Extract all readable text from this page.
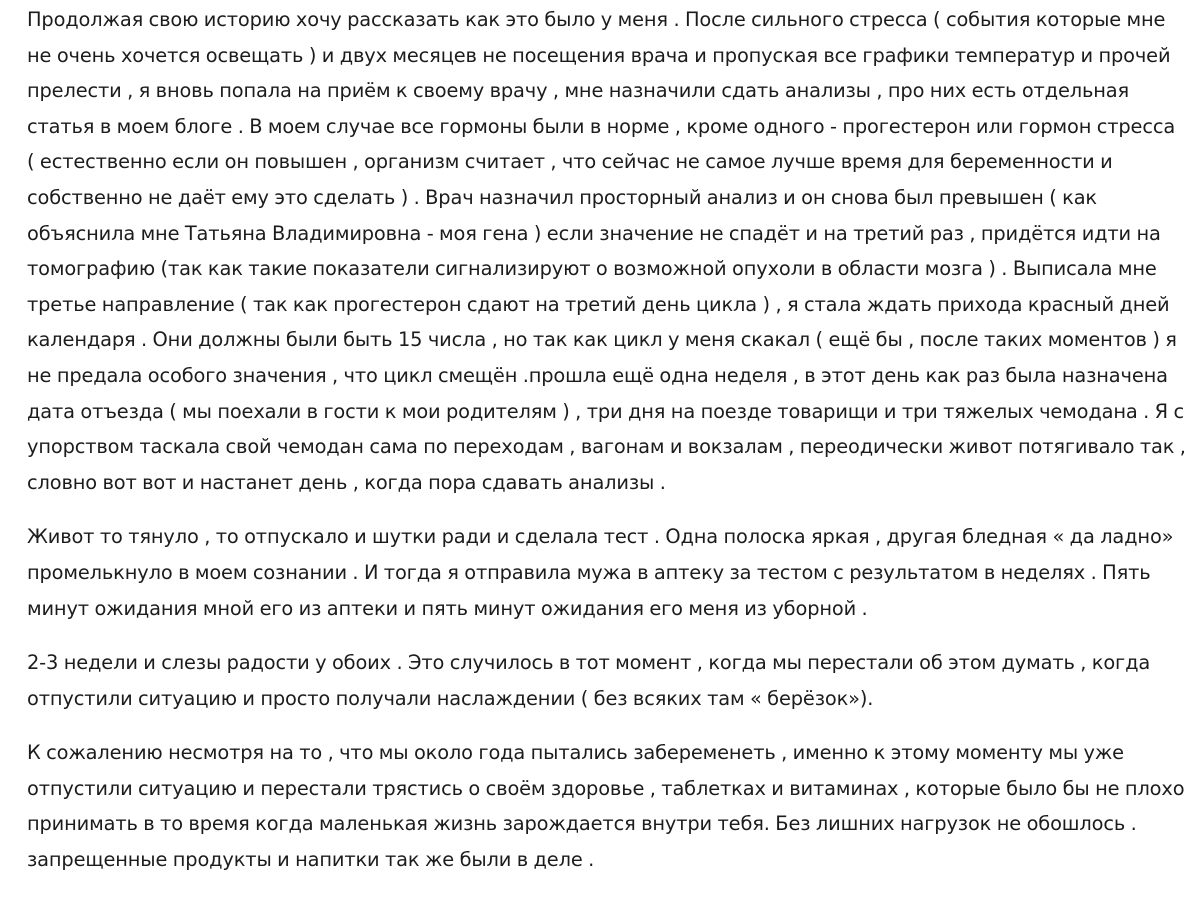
Продолжая свою историю хочу рассказать как это было у меня . После сильного стресса ( события которые мне не очень хочется освещать ) и двух месяцев не посещения врача и пропуская все графики температур и прочей прелести , я вновь попала на приём к своему врачу , мне назначили сдать анализы , про них есть отдельная статья в моем блоге . В моем случае все гормоны были в норме , кроме одного - прогестерон или гормон стресса ( естественно если он повышен , организм считает , что сейчас не самое лучше время для беременности и собственно не даёт ему это сделать ) . Врач назначил просторный анализ и он снова был превышен ( как объяснила мне Татьяна Владимировна - моя гена ) если значение не спадёт и на третий раз , придётся идти на томографию (так как такие показатели сигнализируют о возможной опухоли в области мозга ) . Выписала мне третье направление ( так как прогестерон сдают на третий день цикла ) , я стала ждать прихода красный дней календаря . Они должны были быть 15 числа , но так как цикл у меня скакал ( ещё бы , после таких моментов ) я не предала особого значения , что цикл смещён .прошла ещё одна неделя , в этот день как раз была назначена дата отъезда ( мы поехали в гости к мои родителям ) , три дня на поезде товарищи и три тяжелых чемодана . Я с упорством таскала свой чемодан сама по переходам , вагонам и вокзалам , переодически живот потягивало так , словно вот вот и настанет день , когда пора сдавать анализы .

Живот то тянуло , то отпускало и шутки ради и сделала тест . Одна полоска яркая , другая бледная « да ладно» промелькнуло в моем сознании . И тогда я отправила мужа в аптеку за тестом с результатом в неделях . Пять минут ожидания мной его из аптеки и пять минут ожидания его меня из уборной .

2-3 недели и слезы радости у обоих . Это случилось в тот момент , когда мы перестали об этом думать , когда отпустили ситуацию и просто получали наслаждении ( без всяких там « берёзок»).

К сожалению несмотря на то , что мы около года пытались забеременеть , именно к этому моменту мы уже отпустили ситуацию и перестали трястись о своём здоровье , таблетках и витаминах , которые было бы не плохо принимать в то время когда маленькая жизнь зарождается внутри тебя. Без лишних нагрузок не обошлось . запрещенные продукты и напитки так же были в деле .
